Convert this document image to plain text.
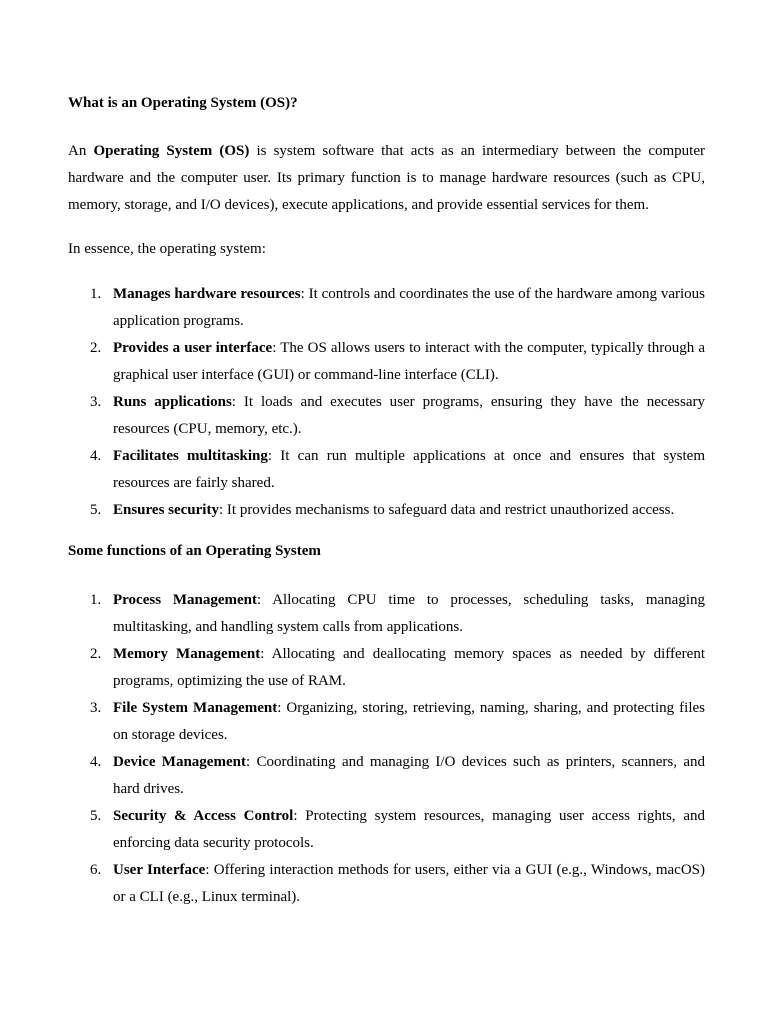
What is an Operating System (OS)?

An Operating System (OS) is system software that acts as an intermediary between the computer hardware and the computer user. Its primary function is to manage hardware resources (such as CPU, memory, storage, and I/O devices), execute applications, and provide essential services for them.

In essence, the operating system:

1. Manages hardware resources: It controls and coordinates the use of the hardware among various application programs.
2. Provides a user interface: The OS allows users to interact with the computer, typically through a graphical user interface (GUI) or command-line interface (CLI).
3. Runs applications: It loads and executes user programs, ensuring they have the necessary resources (CPU, memory, etc.).
4. Facilitates multitasking: It can run multiple applications at once and ensures that system resources are fairly shared.
5. Ensures security: It provides mechanisms to safeguard data and restrict unauthorized access.

Some functions of an Operating System

1. Process Management: Allocating CPU time to processes, scheduling tasks, managing multitasking, and handling system calls from applications.
2. Memory Management: Allocating and deallocating memory spaces as needed by different programs, optimizing the use of RAM.
3. File System Management: Organizing, storing, retrieving, naming, sharing, and protecting files on storage devices.
4. Device Management: Coordinating and managing I/O devices such as printers, scanners, and hard drives.
5. Security & Access Control: Protecting system resources, managing user access rights, and enforcing data security protocols.
6. User Interface: Offering interaction methods for users, either via a GUI (e.g., Windows, macOS) or a CLI (e.g., Linux terminal).
